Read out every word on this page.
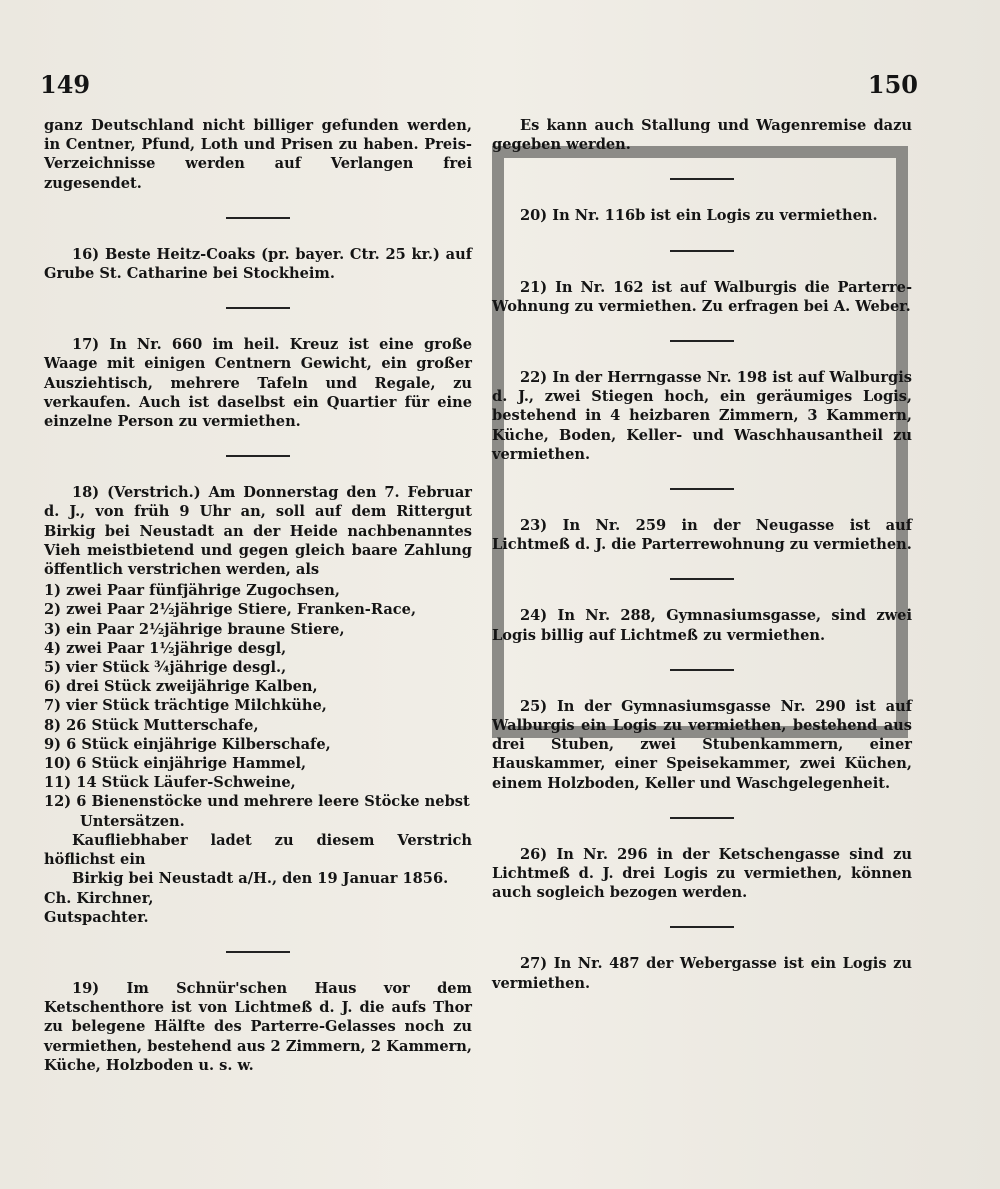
149	150

ganz Deutschland nicht billiger gefunden werden, in Centner, Pfund, Loth und Prisen zu haben. Preis-Verzeichnisse werden auf Verlangen frei zugesendet.

16) Beste Heitz-Coaks (pr. bayer. Ctr. 25 kr.) auf Grube St. Catharine bei Stockheim.

17) In Nr. 660 im heil. Kreuz ist eine große Waage mit einigen Centnern Gewicht, ein großer Ausziehtisch, mehrere Tafeln und Regale, zu verkaufen. Auch ist daselbst ein Quartier für eine einzelne Person zu vermiethen.

18) (Verstrich.) Am Donnerstag den 7. Februar d. J., von früh 9 Uhr an, soll auf dem Rittergut Birkig bei Neustadt an der Heide nachbenanntes Vieh meistbietend und gegen gleich baare Zahlung öffentlich verstrichen werden, als

1) zwei Paar fünfjährige Zugochsen,
2) zwei Paar 2½jährige Stiere, Franken-Race,
3) ein Paar 2½jährige braune Stiere,
4) zwei Paar 1½jährige desgl,
5) vier Stück ¾jährige desgl.,
6) drei Stück zweijährige Kalben,
7) vier Stück trächtige Milchkühe,
8) 26 Stück Mutterschafe,
9) 6 Stück einjährige Kilberschafe,
10) 6 Stück einjährige Hammel,
11) 14 Stück Läufer-Schweine,
12) 6 Bienenstöcke und mehrere leere Stöcke nebst
Untersätzen.

Kaufliebhaber ladet zu diesem Verstrich höflichst ein

Birkig bei Neustadt a/H., den 19 Januar 1856.

Ch. Kirchner,

Gutspachter.

19) Im Schnür'schen Haus vor dem Ketschenthore ist von Lichtmeß d. J. die aufs Thor zu belegene Hälfte des Parterre-Gelasses noch zu vermiethen, bestehend aus 2 Zimmern, 2 Kammern, Küche, Holzboden u. s. w.

Es kann auch Stallung und Wagenremise dazu gegeben werden.

20) In Nr. 116b ist ein Logis zu vermiethen.

21) In Nr. 162 ist auf Walburgis die Parterre-Wohnung zu vermiethen. Zu erfragen bei A. Weber.

22) In der Herrngasse Nr. 198 ist auf Walburgis d. J., zwei Stiegen hoch, ein geräumiges Logis, bestehend in 4 heizbaren Zimmern, 3 Kammern, Küche, Boden, Keller- und Waschhausantheil zu vermiethen.

23) In Nr. 259 in der Neugasse ist auf Lichtmeß d. J. die Parterrewohnung zu vermiethen.

24) In Nr. 288, Gymnasiumsgasse, sind zwei Logis billig auf Lichtmeß zu vermiethen.

25) In der Gymnasiumsgasse Nr. 290 ist auf Walburgis ein Logis zu vermiethen, bestehend aus drei Stuben, zwei Stubenkammern, einer Hauskammer, einer Speisekammer, zwei Küchen, einem Holzboden, Keller und Waschgelegenheit.

26) In Nr. 296 in der Ketschengasse sind zu Lichtmeß d. J. drei Logis zu vermiethen, können auch sogleich bezogen werden.

27) In Nr. 487 der Webergasse ist ein Logis zu vermiethen.
